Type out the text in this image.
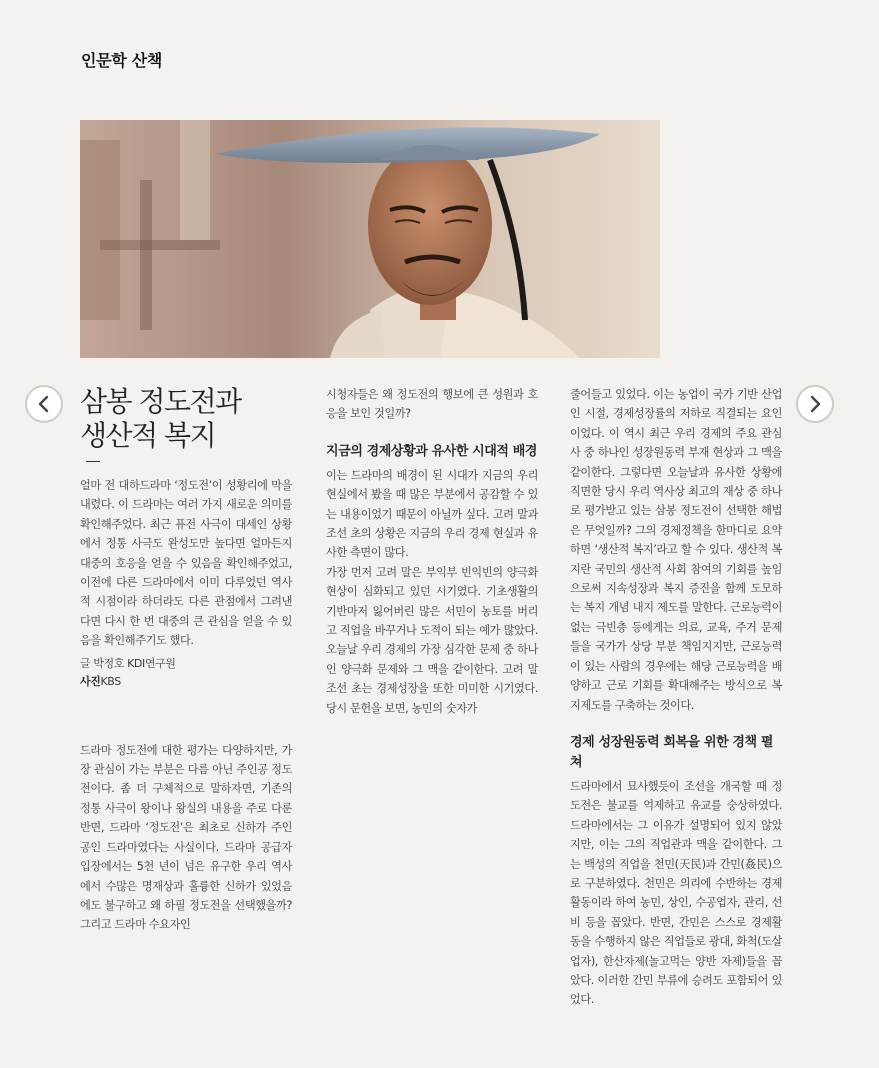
인문학 산책
삼봉 정도전과
생산적 복지

얼마 전 대하드라마 ‘정도전’이 성황리에 막을 내렸다. 이 드라마는 여러 가지 새로운 의미를 확인해주었다. 최근 퓨전 사극이 대세인 상황에서 정통 사극도 완성도만 높다면 얼마든지 대중의 호응을 얻을 수 있음을 확인해주었고, 이전에 다른 드라마에서 이미 다루었던 역사적 시점이라 하더라도 다른 관점에서 그려낸다면 다시 한 번 대중의 큰 관심을 얻을 수 있음을 확인해주기도 했다.

글 박정호 KDI연구원
사진KBS

드라마 정도전에 대한 평가는 다양하지만, 가장 관심이 가는 부분은 다름 아닌 주인공 정도전이다. 좀 더 구체적으로 말하자면, 기존의 정통 사극이 왕이나 왕실의 내용을 주로 다룬 반면, 드라마 ‘정도전’은 최초로 신하가 주인공인 드라마였다는 사실이다. 드라마 공급자 입장에서는 5천 년이 넘은 유구한 우리 역사에서 수많은 명재상과 훌륭한 신하가 있었음에도 불구하고 왜 하필 정도전을 선택했을까? 그리고 드라마 수요자인

시청자들은 왜 정도전의 행보에 큰 성원과 호응을 보인 것일까?

지금의 경제상황과 유사한 시대적 배경

이는 드라마의 배경이 된 시대가 지금의 우리 현실에서 봤을 때 많은 부분에서 공감할 수 있는 내용이었기 때문이 아닐까 싶다. 고려 말과 조선 초의 상황은 지금의 우리 경제 현실과 유사한 측면이 많다.

가장 먼저 고려 말은 부익부 빈익빈의 양극화 현상이 심화되고 있던 시기였다. 기초생활의 기반마저 잃어버린 많은 서민이 농토를 버리고 직업을 바꾸거나 도적이 되는 예가 많았다. 오늘날 우리 경제의 가장 심각한 문제 중 하나인 양극화 문제와 그 맥을 같이한다. 고려 말 조선 초는 경제성장을 또한 미미한 시기였다. 당시 문헌을 보면, 농민의 숫자가

줄어들고 있었다. 이는 농업이 국가 기반 산업인 시절, 경제성장률의 저하로 직결되는 요인이었다. 이 역시 최근 우리 경제의 주요 관심사 중 하나인 성장원동력 부재 현상과 그 맥을 같이한다. 그렇다면 오늘날과 유사한 상황에 직면한 당시 우리 역사상 최고의 재상 중 하나로 평가받고 있는 삼봉 정도전이 선택한 해법은 무엇일까? 그의 경제정책을 한마디로 요약하면 ‘생산적 복지’라고 할 수 있다. 생산적 복지란 국민의 생산적 사회 참여의 기회를 높임으로써 지속성장과 복지 증진을 함께 도모하는 복지 개념 내지 제도를 말한다. 근로능력이 없는 극빈층 등에게는 의료, 교육, 주거 문제들을 국가가 상당 부분 책임지지만, 근로능력이 있는 사람의 경우에는 해당 근로능력을 배양하고 근로 기회를 확대해주는 방식으로 복지제도를 구축하는 것이다.

경제 성장원동력 회복을 위한 경책 펼쳐

드라마에서 묘사했듯이 조선을 개국할 때 정도전은 불교를 억제하고 유교를 숭상하였다. 드라마에서는 그 이유가 설명되어 있지 않았지만, 이는 그의 직업관과 맥을 같이한다. 그는 백성의 직업을 천민(天民)과 간민(姦民)으로 구분하였다. 천민은 의리에 수반하는 경제활동이라 하여 농민, 상인, 수공업자, 관리, 선비 등을 꼽았다. 반면, 간민은 스스로 경제활동을 수행하지 않은 직업들로 광대, 화척(도살업자), 한산자제(놀고먹는 양반 자제)들을 꼽았다. 이러한 간민 부류에 승려도 포함되어 있었다.
